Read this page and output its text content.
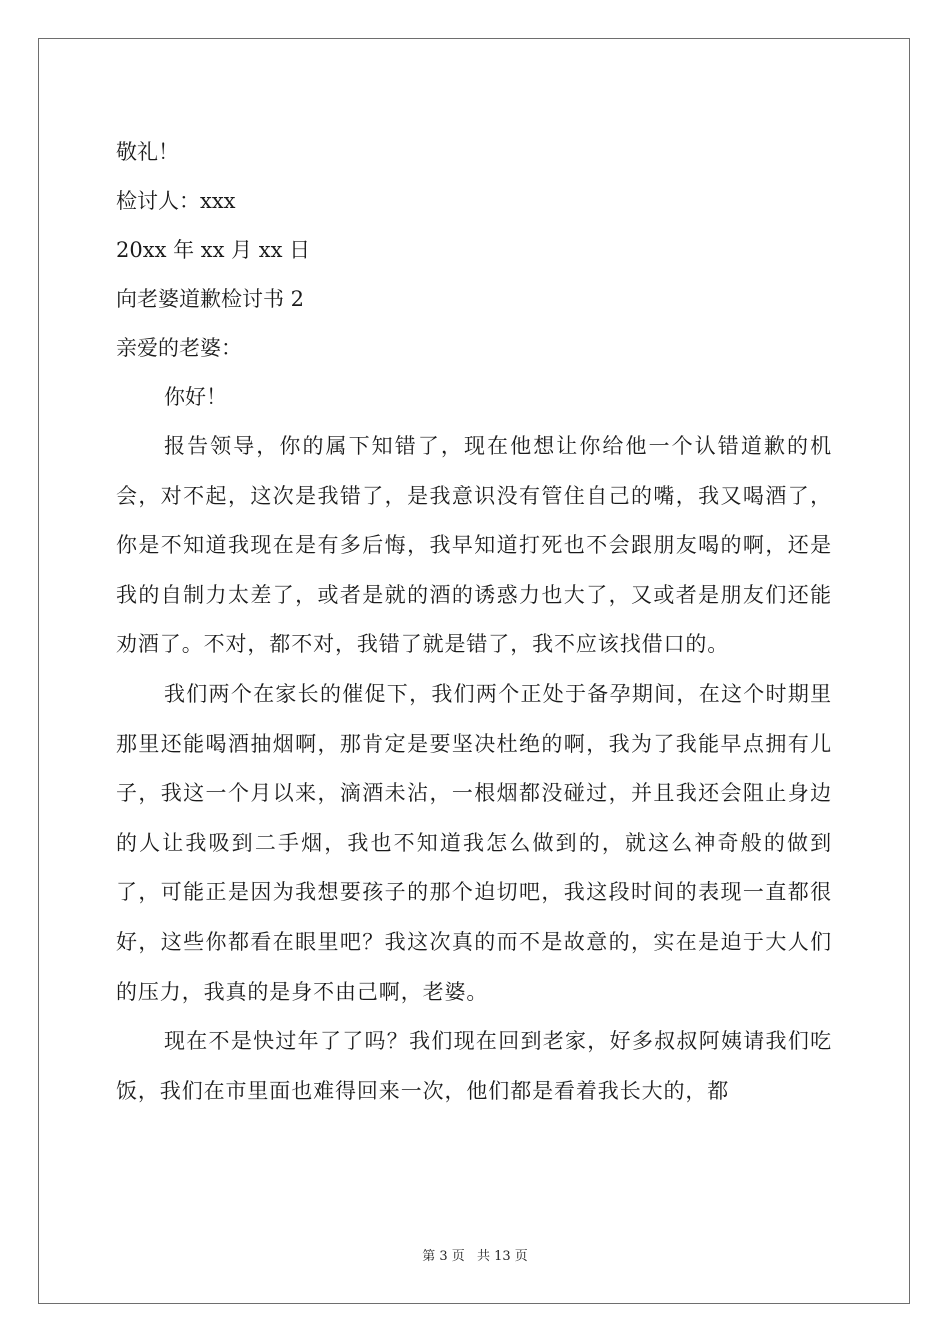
敬礼！

检讨人：xxx

20xx 年 xx 月 xx 日

向老婆道歉检讨书 2

亲爱的老婆：

你好！

报告领导，你的属下知错了，现在他想让你给他一个认错道歉的机会，对不起，这次是我错了，是我意识没有管住自己的嘴，我又喝酒了，你是不知道我现在是有多后悔，我早知道打死也不会跟朋友喝的啊，还是我的自制力太差了，或者是就的酒的诱惑力也大了，又或者是朋友们还能劝酒了。不对，都不对，我错了就是错了，我不应该找借口的。

我们两个在家长的催促下，我们两个正处于备孕期间，在这个时期里那里还能喝酒抽烟啊，那肯定是要坚决杜绝的啊，我为了我能早点拥有儿子，我这一个月以来，滴酒未沾，一根烟都没碰过，并且我还会阻止身边的人让我吸到二手烟，我也不知道我怎么做到的，就这么神奇般的做到了，可能正是因为我想要孩子的那个迫切吧，我这段时间的表现一直都很好，这些你都看在眼里吧？我这次真的而不是故意的，实在是迫于大人们的压力，我真的是身不由己啊，老婆。

现在不是快过年了了吗？我们现在回到老家，好多叔叔阿姨请我们吃饭，我们在市里面也难得回来一次，他们都是看着我长大的，都

第 3 页 共 13 页
